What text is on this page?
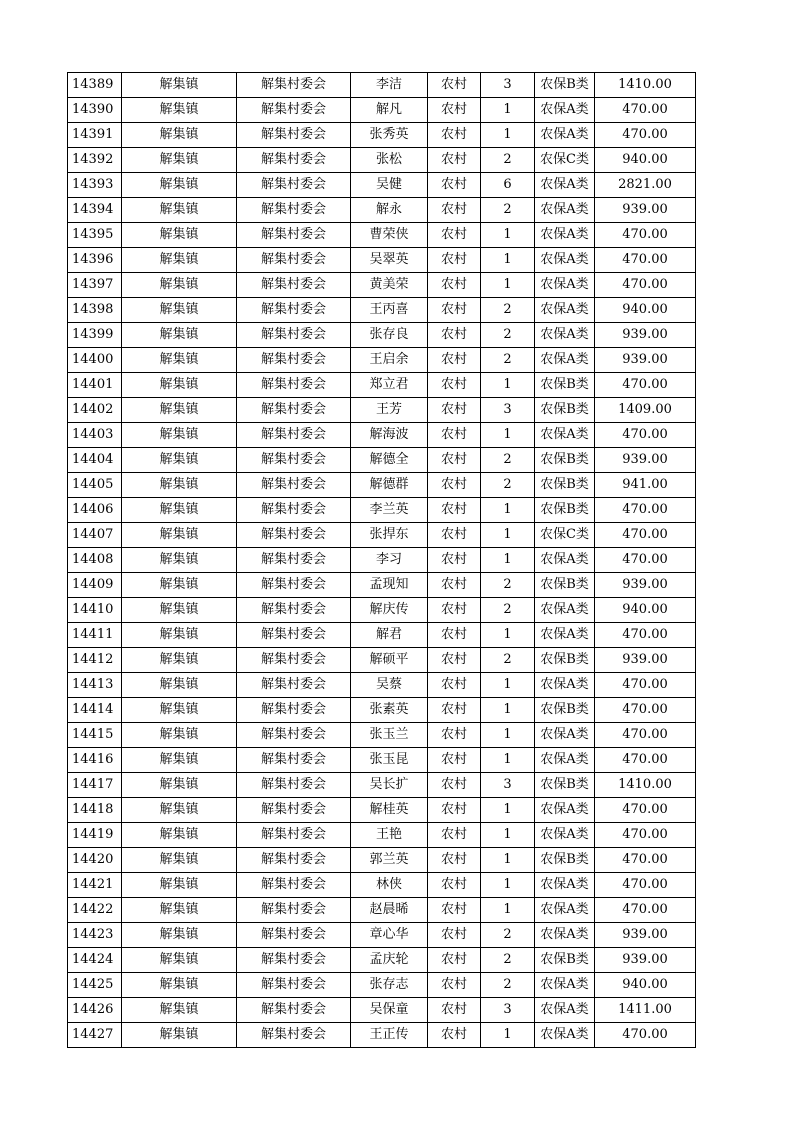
14389	解集镇	解集村委会	李洁	农村	3	农保B类	1410.00
14390	解集镇	解集村委会	解凡	农村	1	农保A类	470.00
14391	解集镇	解集村委会	张秀英	农村	1	农保A类	470.00
14392	解集镇	解集村委会	张松	农村	2	农保C类	940.00
14393	解集镇	解集村委会	吴健	农村	6	农保A类	2821.00
14394	解集镇	解集村委会	解永	农村	2	农保A类	939.00
14395	解集镇	解集村委会	曹荣侠	农村	1	农保A类	470.00
14396	解集镇	解集村委会	吴翠英	农村	1	农保A类	470.00
14397	解集镇	解集村委会	黄美荣	农村	1	农保A类	470.00
14398	解集镇	解集村委会	王丙喜	农村	2	农保A类	940.00
14399	解集镇	解集村委会	张存良	农村	2	农保A类	939.00
14400	解集镇	解集村委会	王启余	农村	2	农保A类	939.00
14401	解集镇	解集村委会	郑立君	农村	1	农保B类	470.00
14402	解集镇	解集村委会	王芳	农村	3	农保B类	1409.00
14403	解集镇	解集村委会	解海波	农村	1	农保A类	470.00
14404	解集镇	解集村委会	解德全	农村	2	农保B类	939.00
14405	解集镇	解集村委会	解德群	农村	2	农保B类	941.00
14406	解集镇	解集村委会	李兰英	农村	1	农保B类	470.00
14407	解集镇	解集村委会	张捍东	农村	1	农保C类	470.00
14408	解集镇	解集村委会	李习	农村	1	农保A类	470.00
14409	解集镇	解集村委会	孟现知	农村	2	农保B类	939.00
14410	解集镇	解集村委会	解庆传	农村	2	农保A类	940.00
14411	解集镇	解集村委会	解君	农村	1	农保A类	470.00
14412	解集镇	解集村委会	解硕平	农村	2	农保B类	939.00
14413	解集镇	解集村委会	吴蔡	农村	1	农保A类	470.00
14414	解集镇	解集村委会	张素英	农村	1	农保B类	470.00
14415	解集镇	解集村委会	张玉兰	农村	1	农保A类	470.00
14416	解集镇	解集村委会	张玉昆	农村	1	农保A类	470.00
14417	解集镇	解集村委会	吴长扩	农村	3	农保B类	1410.00
14418	解集镇	解集村委会	解桂英	农村	1	农保A类	470.00
14419	解集镇	解集村委会	王艳	农村	1	农保A类	470.00
14420	解集镇	解集村委会	郭兰英	农村	1	农保B类	470.00
14421	解集镇	解集村委会	林侠	农村	1	农保A类	470.00
14422	解集镇	解集村委会	赵晨晞	农村	1	农保A类	470.00
14423	解集镇	解集村委会	章心华	农村	2	农保A类	939.00
14424	解集镇	解集村委会	孟庆轮	农村	2	农保B类	939.00
14425	解集镇	解集村委会	张存志	农村	2	农保A类	940.00
14426	解集镇	解集村委会	吴保童	农村	3	农保A类	1411.00
14427	解集镇	解集村委会	王正传	农村	1	农保A类	470.00
